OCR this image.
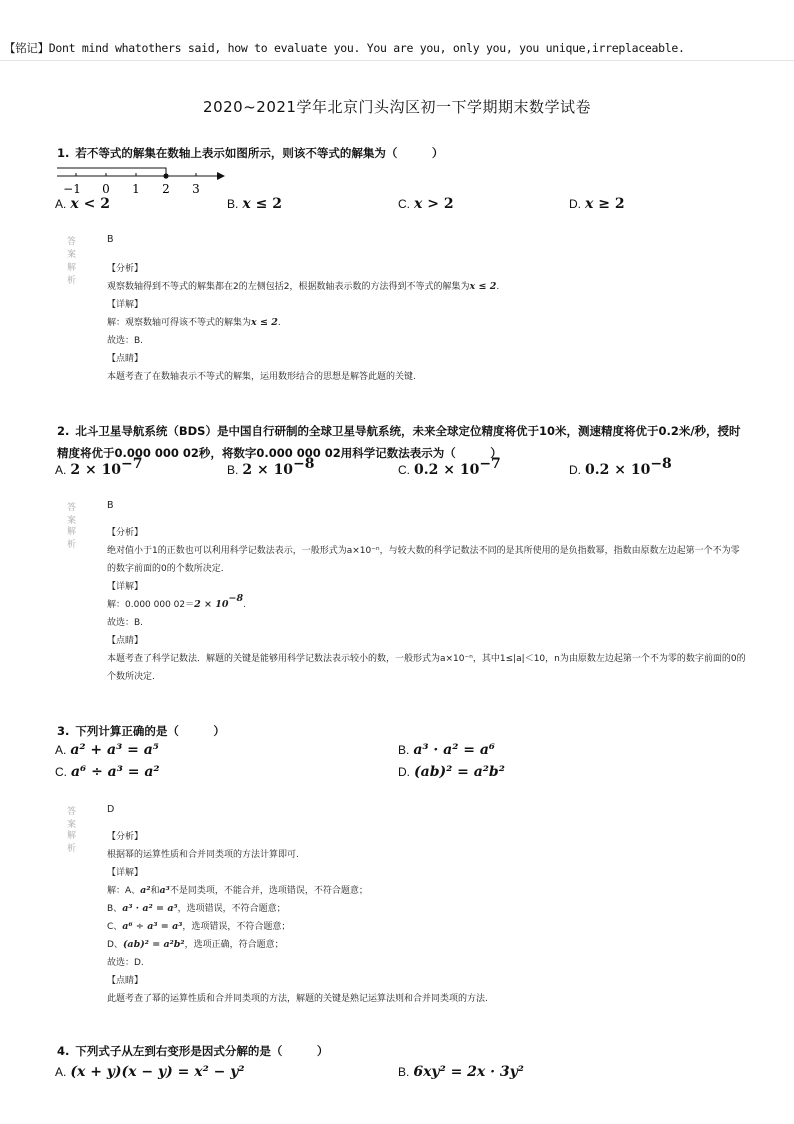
【铭记】Dont mind whatothers said, how to evaluate you. You are you, only you, you unique,irreplaceable.
2020~2021学年北京门头沟区初一下学期期末数学试卷
1. 若不等式的解集在数轴上表示如图所示，则该不等式的解集为（　　　）
−1 0 1 2 3
A. x < 2	B. x ≤ 2	C. x > 2	D. x ≥ 2
答案
B
解析
【分析】
观察数轴得到不等式的解集都在2的左侧包括2，根据数轴表示数的方法得到不等式的解集为x ≤ 2.
【详解】
解：观察数轴可得该不等式的解集为x ≤ 2.
故选：B.
【点睛】
本题考查了在数轴表示不等式的解集，运用数形结合的思想是解答此题的关键.
2. 北斗卫星导航系统（BDS）是中国自行研制的全球卫星导航系统，未来全球定位精度将优于10米，测速精度将优于0.2米/秒，授时精度将优于0.000 000 02秒，将数字0.000 000 02用科学记数法表示为（　　　）
A. $2 \times 10^{-7}$	B. $2 \times 10^{-8}$	C. $0.2 \times 10^{-7}$	D. $0.2 \times 10^{-8}$
答案
B
解析
【分析】
绝对值小于1的正数也可以利用科学记数法表示，一般形式为a×10⁻ⁿ，与较大数的科学记数法不同的是其所使用的是负指数幂，指数由原数左边起第一个不为零的数字前面的0的个数所决定.
【详解】
解：0.000 000 $02=2 \times 10^{-8}$.
故选：B.
【点睛】
本题考查了科学记数法．解题的关键是能够用科学记数法表示较小的数，一般形式为a×10⁻ⁿ，其中1≤|a|＜10，n为由原数左边起第一个不为零的数字前面的0的个数所决定.
3. 下列计算正确的是（　　　）
A. a² + a³ = a⁵	B. a³ · a² = a⁶
C. a⁶ ÷ a³ = a²	D. (ab)² = a²b²
答案
D
解析
【分析】
根据幂的运算性质和合并同类项的方法计算即可.
【详解】
解：A、a²和a³不是同类项，不能合并，选项错误，不符合题意；
B、a³ · a² = a⁵，选项错误，不符合题意；
C、a⁶ ÷ a³ = a³，选项错误，不符合题意；
D、(ab)² = a²b²，选项正确，符合题意；
故选：D.
【点睛】
此题考查了幂的运算性质和合并同类项的方法，解题的关键是熟记运算法则和合并同类项的方法.
4. 下列式子从左到右变形是因式分解的是（　　　）
A. (x + y)(x − y) = x² − y²	B. 6xy² = 2x · 3y²
